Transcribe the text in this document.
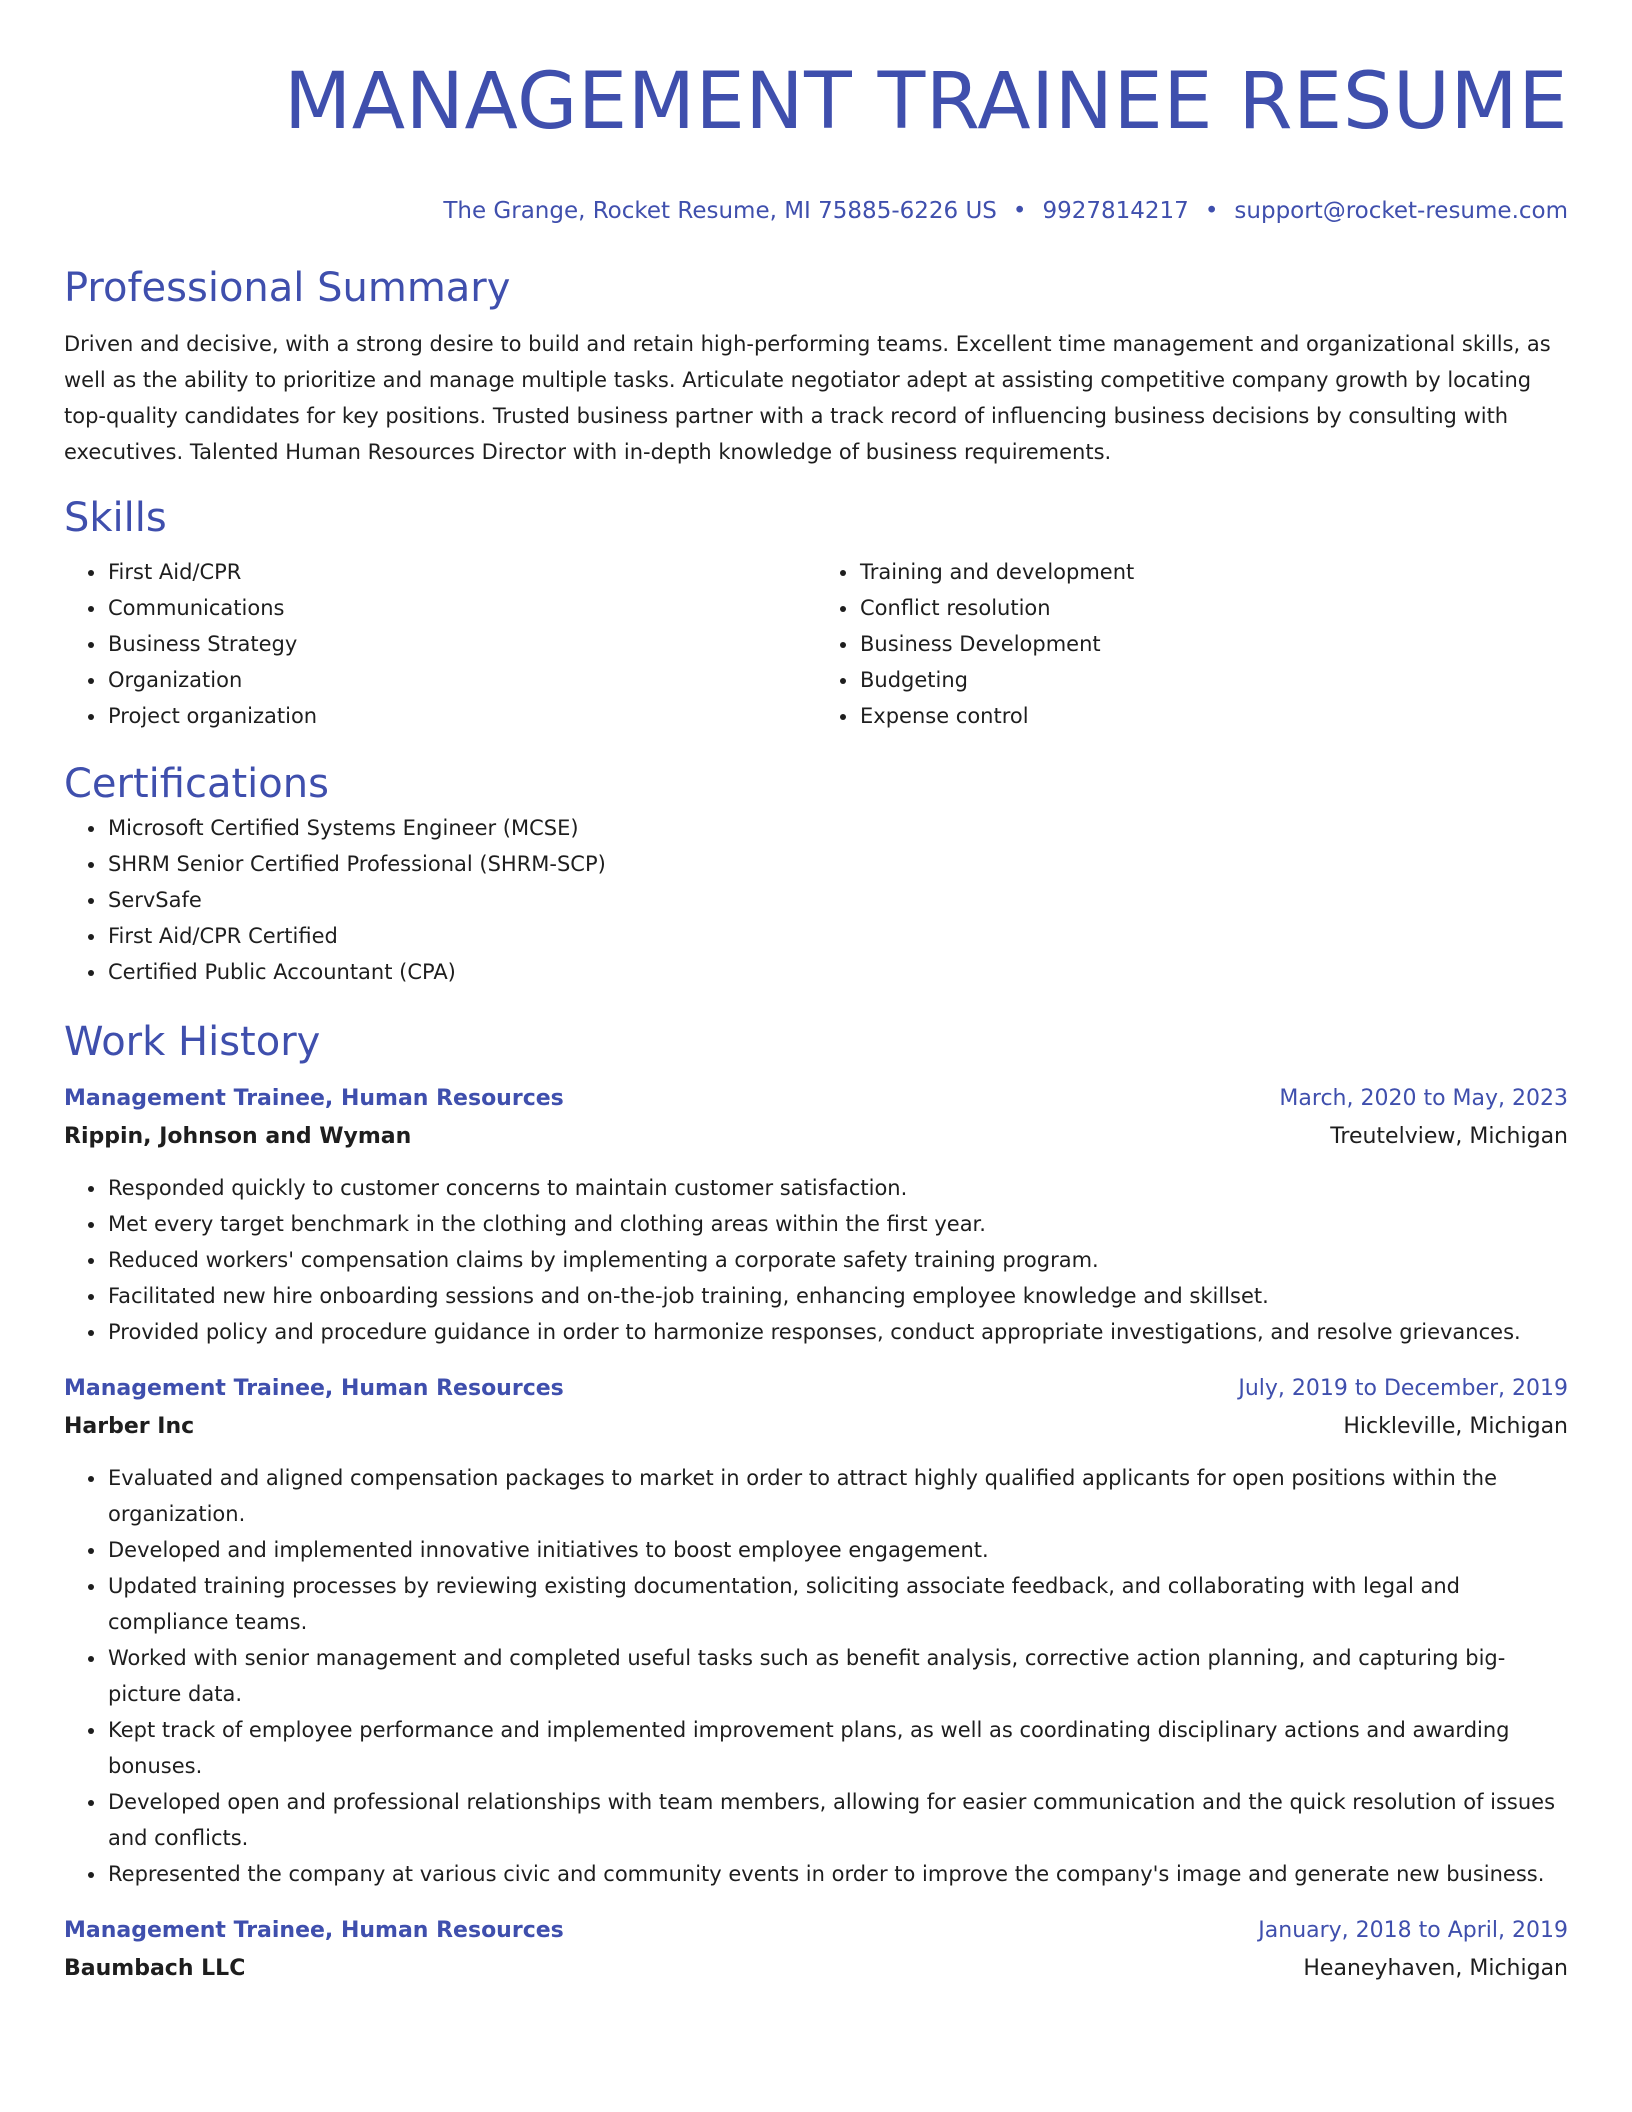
MANAGEMENT TRAINEE RESUME
The Grange, Rocket Resume, MI 75885-6226 US • 9927814217 • support@rocket-resume.com
Professional Summary

Driven and decisive, with a strong desire to build and retain high-performing teams. Excellent time management and organizational skills, as well as the ability to prioritize and manage multiple tasks. Articulate negotiator adept at assisting competitive company growth by locating top-quality candidates for key positions. Trusted business partner with a track record of influencing business decisions by consulting with executives. Talented Human Resources Director with in-depth knowledge of business requirements.

Skills
• First Aid/CPR
• Communications
• Business Strategy
• Organization
• Project organization
• Training and development
• Conflict resolution
• Business Development
• Budgeting
• Expense control
Certifications
• Microsoft Certified Systems Engineer (MCSE)
• SHRM Senior Certified Professional (SHRM-SCP)
• ServSafe
• First Aid/CPR Certified
• Certified Public Accountant (CPA)
Work History
Management Trainee, Human Resources	March, 2020 to May, 2023
Rippin, Johnson and Wyman	Treutelview, Michigan
• Responded quickly to customer concerns to maintain customer satisfaction.
• Met every target benchmark in the clothing and clothing areas within the first year.
• Reduced workers' compensation claims by implementing a corporate safety training program.
• Facilitated new hire onboarding sessions and on-the-job training, enhancing employee knowledge and skillset.
• Provided policy and procedure guidance in order to harmonize responses, conduct appropriate investigations, and resolve grievances.
Management Trainee, Human Resources	July, 2019 to December, 2019
Harber Inc	Hickleville, Michigan
• Evaluated and aligned compensation packages to market in order to attract highly qualified applicants for open positions within the organization.
• Developed and implemented innovative initiatives to boost employee engagement.
• Updated training processes by reviewing existing documentation, soliciting associate feedback, and collaborating with legal and compliance teams.
• Worked with senior management and completed useful tasks such as benefit analysis, corrective action planning, and capturing big-picture data.
• Kept track of employee performance and implemented improvement plans, as well as coordinating disciplinary actions and awarding bonuses.
• Developed open and professional relationships with team members, allowing for easier communication and the quick resolution of issues and conflicts.
• Represented the company at various civic and community events in order to improve the company's image and generate new business.
Management Trainee, Human Resources	January, 2018 to April, 2019
Baumbach LLC	Heaneyhaven, Michigan
